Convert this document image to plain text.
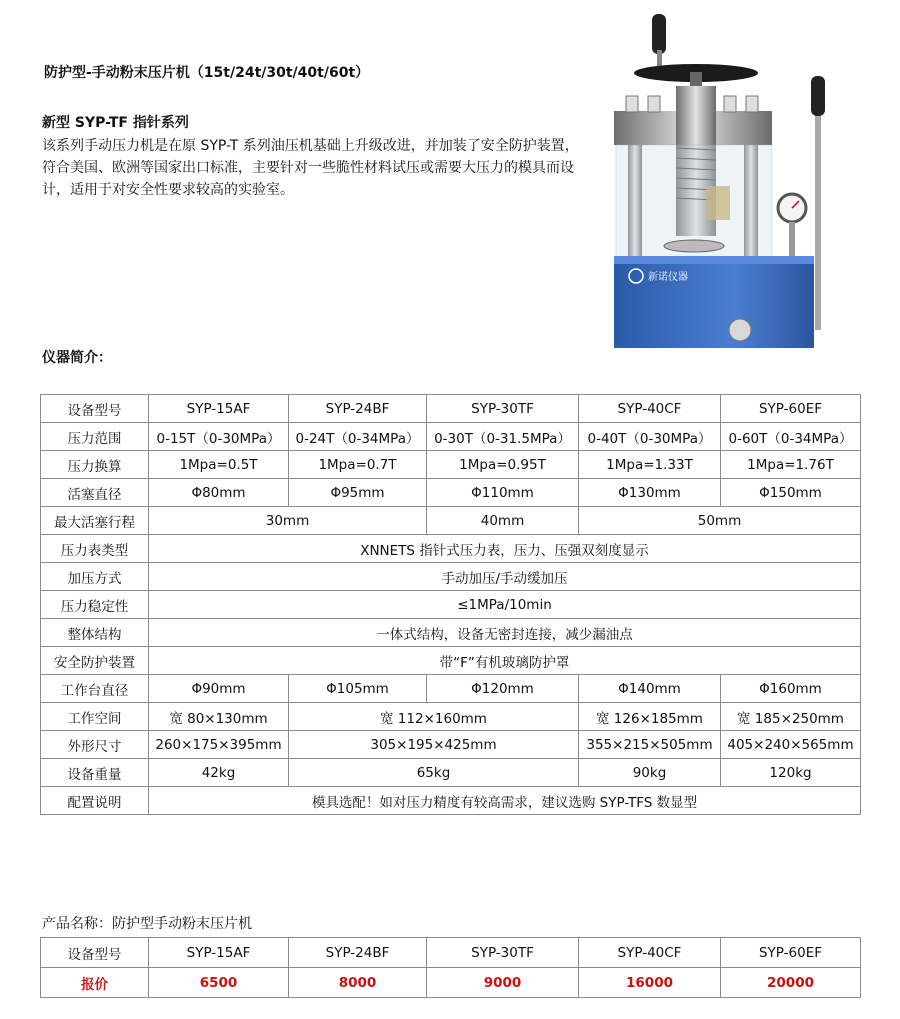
防护型-手动粉末压片机（15t/24t/30t/40t/60t）
新型 SYP-TF 指针系列
该系列手动压力机是在原 SYP-T 系列油压机基础上升级改进，并加装了安全防护装置，符合美国、欧洲等国家出口标准，主要针对一些脆性材料试压或需要大压力的模具而设计，适用于对安全性要求较高的实验室。
新诺仪器
仪器简介：
设备型号	SYP-15AF	SYP-24BF	SYP-30TF	SYP-40CF	SYP-60EF
压力范围	0-15T（0-30MPa）	0-24T（0-34MPa）	0-30T（0-31.5MPa）	0-40T（0-30MPa）	0-60T（0-34MPa）
压力换算	1Mpa=0.5T	1Mpa=0.7T	1Mpa=0.95T	1Mpa=1.33T	1Mpa=1.76T
活塞直径	Φ80mm	Φ95mm	Φ110mm	Φ130mm	Φ150mm
最大活塞行程	30mm		40mm	50mm	
压力表类型	XNNETS 指针式压力表，压力、压强双刻度显示				
加压方式	手动加压/手动缓加压				
压力稳定性	≤1MPa/10min				
整体结构	一体式结构，设备无密封连接，减少漏油点				
安全防护装置	带“F”有机玻璃防护罩				
工作台直径	Φ90mm	Φ105mm	Φ120mm	Φ140mm	Φ160mm
工作空间	宽 80×130mm	宽 112×160mm		宽 126×185mm	宽 185×250mm
外形尺寸	260×175×395mm	305×195×425mm		355×215×505mm	405×240×565mm
设备重量	42kg	65kg		90kg	120kg
配置说明	模具选配！如对压力精度有较高需求，建议选购 SYP-TFS 数显型				
产品名称：防护型手动粉末压片机
设备型号	SYP-15AF	SYP-24BF	SYP-30TF	SYP-40CF	SYP-60EF
报价	6500	8000	9000	16000	20000
